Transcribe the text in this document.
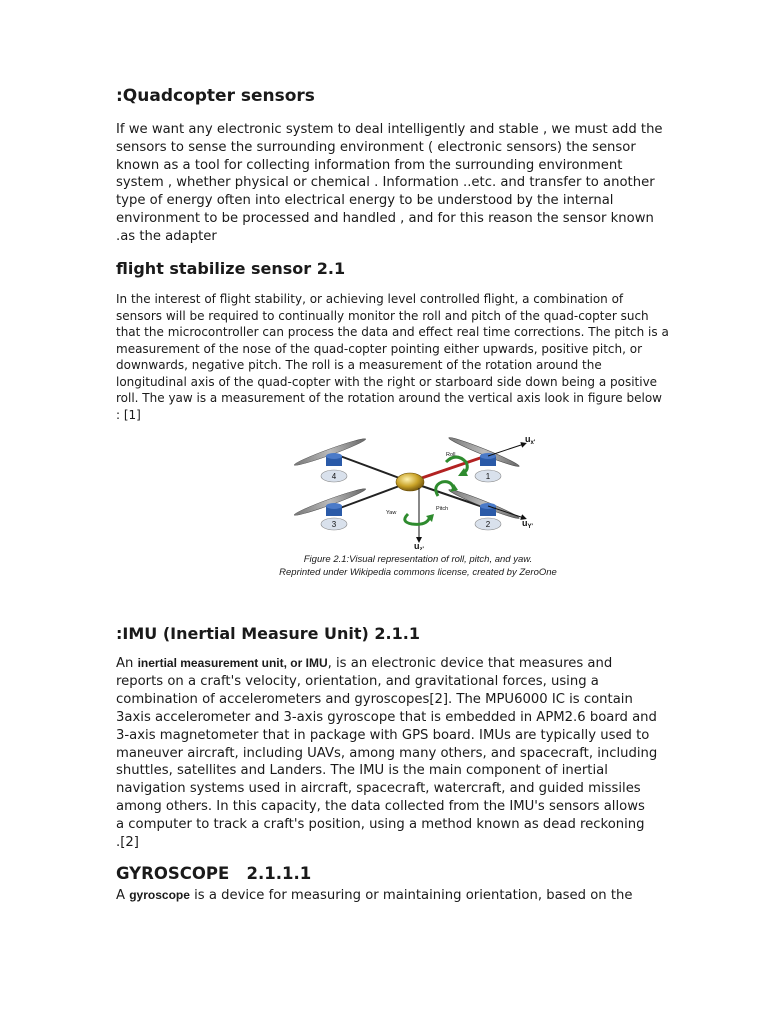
:Quadcopter sensors

If we want any electronic system to deal intelligently and stable , we must add the
sensors to sense the surrounding environment ( electronic sensors) the sensor
known as a tool for collecting information from the surrounding environment
system , whether physical or chemical . Information ..etc. and transfer to another
type of energy often into electrical energy to be understood by the internal
environment to be processed and handled , and for this reason the sensor known
.as the adapter

flight stabilize sensor 2.1

In the interest of flight stability, or achieving level controlled flight, a combination of
sensors will be required to continually monitor the roll and pitch of the quad-copter such
that the microcontroller can process the data and effect real time corrections. The pitch is a
measurement of the nose of the quad-copter pointing either upwards, positive pitch, or
downwards, negative pitch. The roll is a measurement of the rotation around the
longitudinal axis of the quad-copter with the right or starboard side down being a positive
roll. The yaw is a measurement of the rotation around the vertical axis look in figure below
: [1]

4	1
3	2
$u_{x'}$
$u_{Y'}$
$u_{z'}$
Roll
Pitch
Yaw

Figure 2.1:Visual representation of roll, pitch, and yaw.
Reprinted under Wikipedia commons license, created by ZeroOne

:IMU (Inertial Measure Unit) 2.1.1

An inertial measurement unit, or IMU, is an electronic device that measures and
reports on a craft's velocity, orientation, and gravitational forces, using a
combination of accelerometers and gyroscopes[2]. The MPU6000 IC is contain
3axis accelerometer and 3-axis gyroscope that is embedded in APM2.6 board and
3-axis magnetometer that in package with GPS board. IMUs are typically used to
maneuver aircraft, including UAVs, among many others, and spacecraft, including
shuttles, satellites and Landers. The IMU is the main component of inertial
navigation systems used in aircraft, spacecraft, watercraft, and guided missiles
among others. In this capacity, the data collected from the IMU's sensors allows
a computer to track a craft's position, using a method known as dead reckoning
.[2]

GYROSCOPE   2.1.1.1

A gyroscope is a device for measuring or maintaining orientation, based on the
